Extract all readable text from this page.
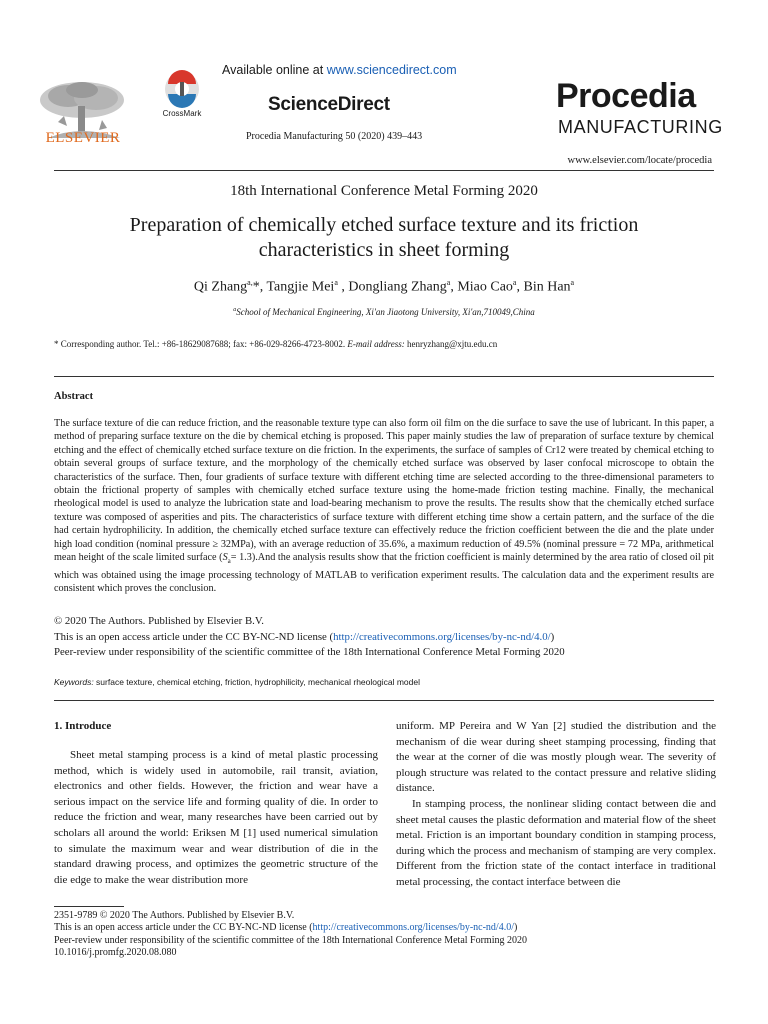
ELSEVIER
CrossMark
Available online at www.sciencedirect.com
ScienceDirect
Procedia Manufacturing 50 (2020) 439–443
Procedia
MANUFACTURING
www.elsevier.com/locate/procedia
18th International Conference Metal Forming 2020
Preparation of chemically etched surface texture and its friction
characteristics in sheet forming
Qi Zhang$^{a,}$*, Tangjie Mei$^a$ , Dongliang Zhang$^a$, Miao Cao$^a$, Bin Han$^a$
$^a$School of Mechanical Engineering, Xi'an Jiaotong University, Xi'an,710049,China
* Corresponding author. Tel.: +86-18629087688; fax: +86-029-8266-4723-8002. E-mail address: henryzhang@xjtu.edu.cn
Abstract
The surface texture of die can reduce friction, and the reasonable texture type can also form oil film on the die surface to save the use of lubricant. In this paper, a method of preparing surface texture on the die by chemical etching is proposed. This paper mainly studies the law of preparation of surface texture by chemical etching and the effect of chemically etched surface texture on die friction. In the experiments, the surface of samples of Cr12 were treated by chemical etching to obtain several groups of surface texture, and the morphology of the chemically etched surface was observed by laser confocal microscope to obtain the characteristics of the surface. Then, four gradients of surface texture with different etching time are selected according to the three-dimensional parameters to obtain the frictional property of samples with chemically etched surface texture using the home-made friction testing machine. Finally, the mechanical rheological model is used to analyze the lubrication state and load-bearing mechanism to prove the results. The results show that the chemically etched surface texture was composed of asperities and pits. The characteristics of surface texture with different etching time show a certain pattern, and the surface of the die had certain hydrophilicity. In addition, the chemically etched surface texture can effectively reduce the friction coefficient between the die and the plate under high load condition (nominal pressure ≥ 32MPa), with an average reduction of 35.6%, a maximum reduction of 49.5% (nominal pressure = 72 MPa, arithmetical mean height of the scale limited surface $(S_a= 1.3).And$ the analysis results show that the friction coefficient is mainly determined by the area ratio of closed oil pit which was obtained using the image processing technology of MATLAB to verification experiment results. The calculation data and the experiment results are consistent which proves the conclusion.
© 2020 The Authors. Published by Elsevier B.V.
This is an open access article under the CC BY-NC-ND license (http://creativecommons.org/licenses/by-nc-nd/4.0/)
Peer-review under responsibility of the scientific committee of the 18th International Conference Metal Forming 2020
Keywords: surface texture, chemical etching, friction, hydrophilicity, mechanical rheological model
1. Introduce

Sheet metal stamping process is a kind of metal plastic processing method, which is widely used in automobile, rail transit, aviation, electronics and other fields. However, the friction and wear have a serious impact on the service life and forming quality of die. In order to reduce the friction and wear, many researches have been carried out by scholars all around the world: Eriksen M [1] used numerical simulation to simulate the maximum wear and wear distribution of die in the standard drawing process, and optimizes the geometric structure of the die edge to make the wear distribution more

uniform. MP Pereira and W Yan [2] studied the distribution and the mechanism of die wear during sheet stamping processing, finding that the wear at the corner of die was mostly plough wear. The severity of plough structure was related to the contact pressure and relative sliding distance.

In stamping process, the nonlinear sliding contact between die and sheet metal causes the plastic deformation and material flow of the sheet metal. Friction is an important boundary condition in stamping process, during which the process and mechanism of stamping are very complex. Different from the friction state of the contact interface in traditional metal processing, the contact interface between die

2351-9789 © 2020 The Authors. Published by Elsevier B.V.
This is an open access article under the CC BY-NC-ND license (http://creativecommons.org/licenses/by-nc-nd/4.0/)
Peer-review under responsibility of the scientific committee of the 18th International Conference Metal Forming 2020
10.1016/j.promfg.2020.08.080
